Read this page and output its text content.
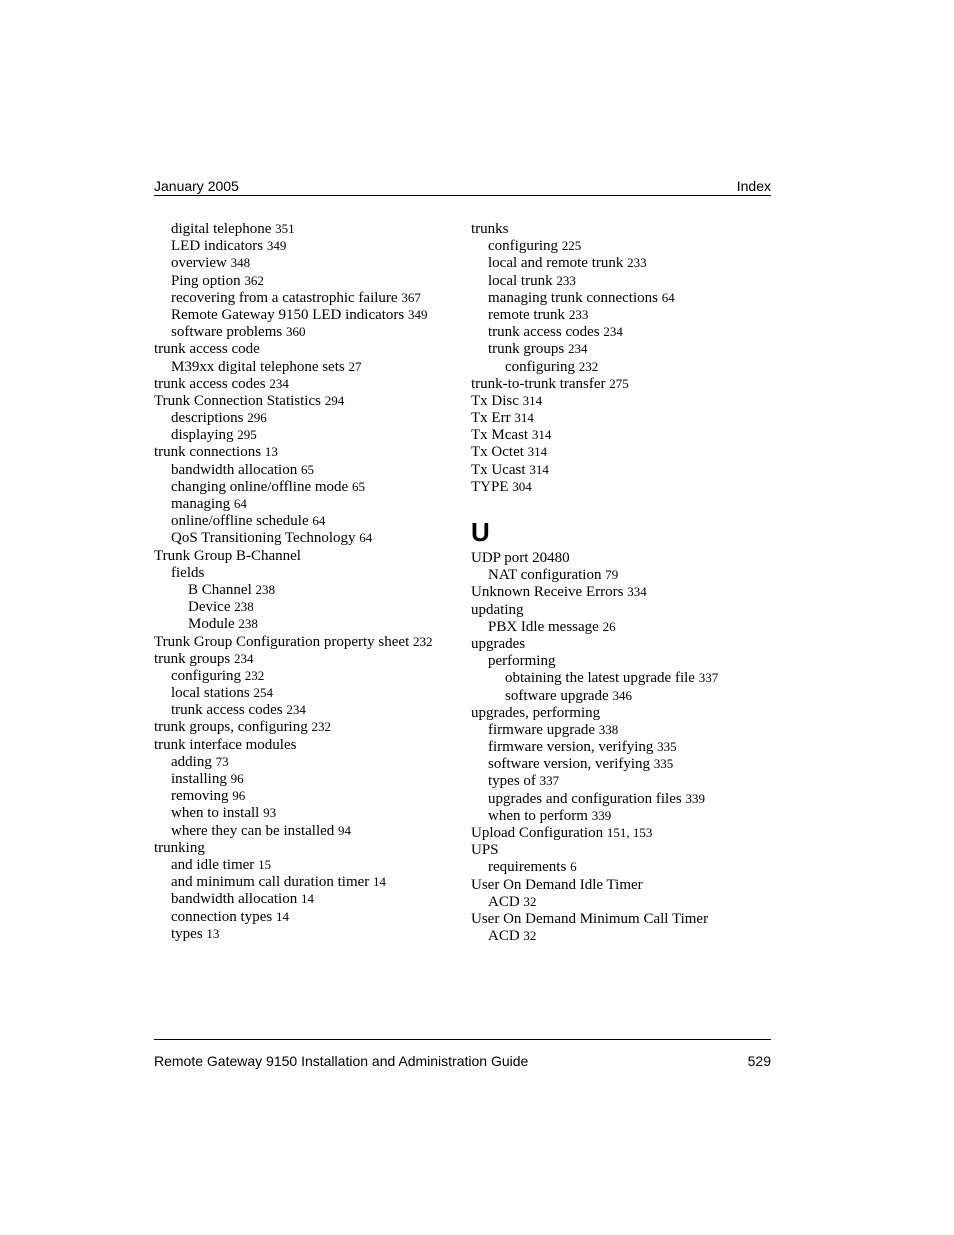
January 2005	Index
digital telephone 351
LED indicators 349
overview 348
Ping option 362
recovering from a catastrophic failure 367
Remote Gateway 9150 LED indicators 349
software problems 360
trunk access code
M39xx digital telephone sets 27
trunk access codes 234
Trunk Connection Statistics 294
descriptions 296
displaying 295
trunk connections 13
bandwidth allocation 65
changing online/offline mode 65
managing 64
online/offline schedule 64
QoS Transitioning Technology 64
Trunk Group B-Channel
fields
B Channel 238
Device 238
Module 238
Trunk Group Configuration property sheet 232
trunk groups 234
configuring 232
local stations 254
trunk access codes 234
trunk groups, configuring 232
trunk interface modules
adding 73
installing 96
removing 96
when to install 93
where they can be installed 94
trunking
and idle timer 15
and minimum call duration timer 14
bandwidth allocation 14
connection types 14
types 13
trunks
configuring 225
local and remote trunk 233
local trunk 233
managing trunk connections 64
remote trunk 233
trunk access codes 234
trunk groups 234
configuring 232
trunk-to-trunk transfer 275
Tx Disc 314
Tx Err 314
Tx Mcast 314
Tx Octet 314
Tx Ucast 314
TYPE 304
U
UDP port 20480
NAT configuration 79
Unknown Receive Errors 334
updating
PBX Idle message 26
upgrades
performing
obtaining the latest upgrade file 337
software upgrade 346
upgrades, performing
firmware upgrade 338
firmware version, verifying 335
software version, verifying 335
types of 337
upgrades and configuration files 339
when to perform 339
Upload Configuration 151, 153
UPS
requirements 6
User On Demand Idle Timer
ACD 32
User On Demand Minimum Call Timer
ACD 32
Remote Gateway 9150 Installation and Administration Guide	529
